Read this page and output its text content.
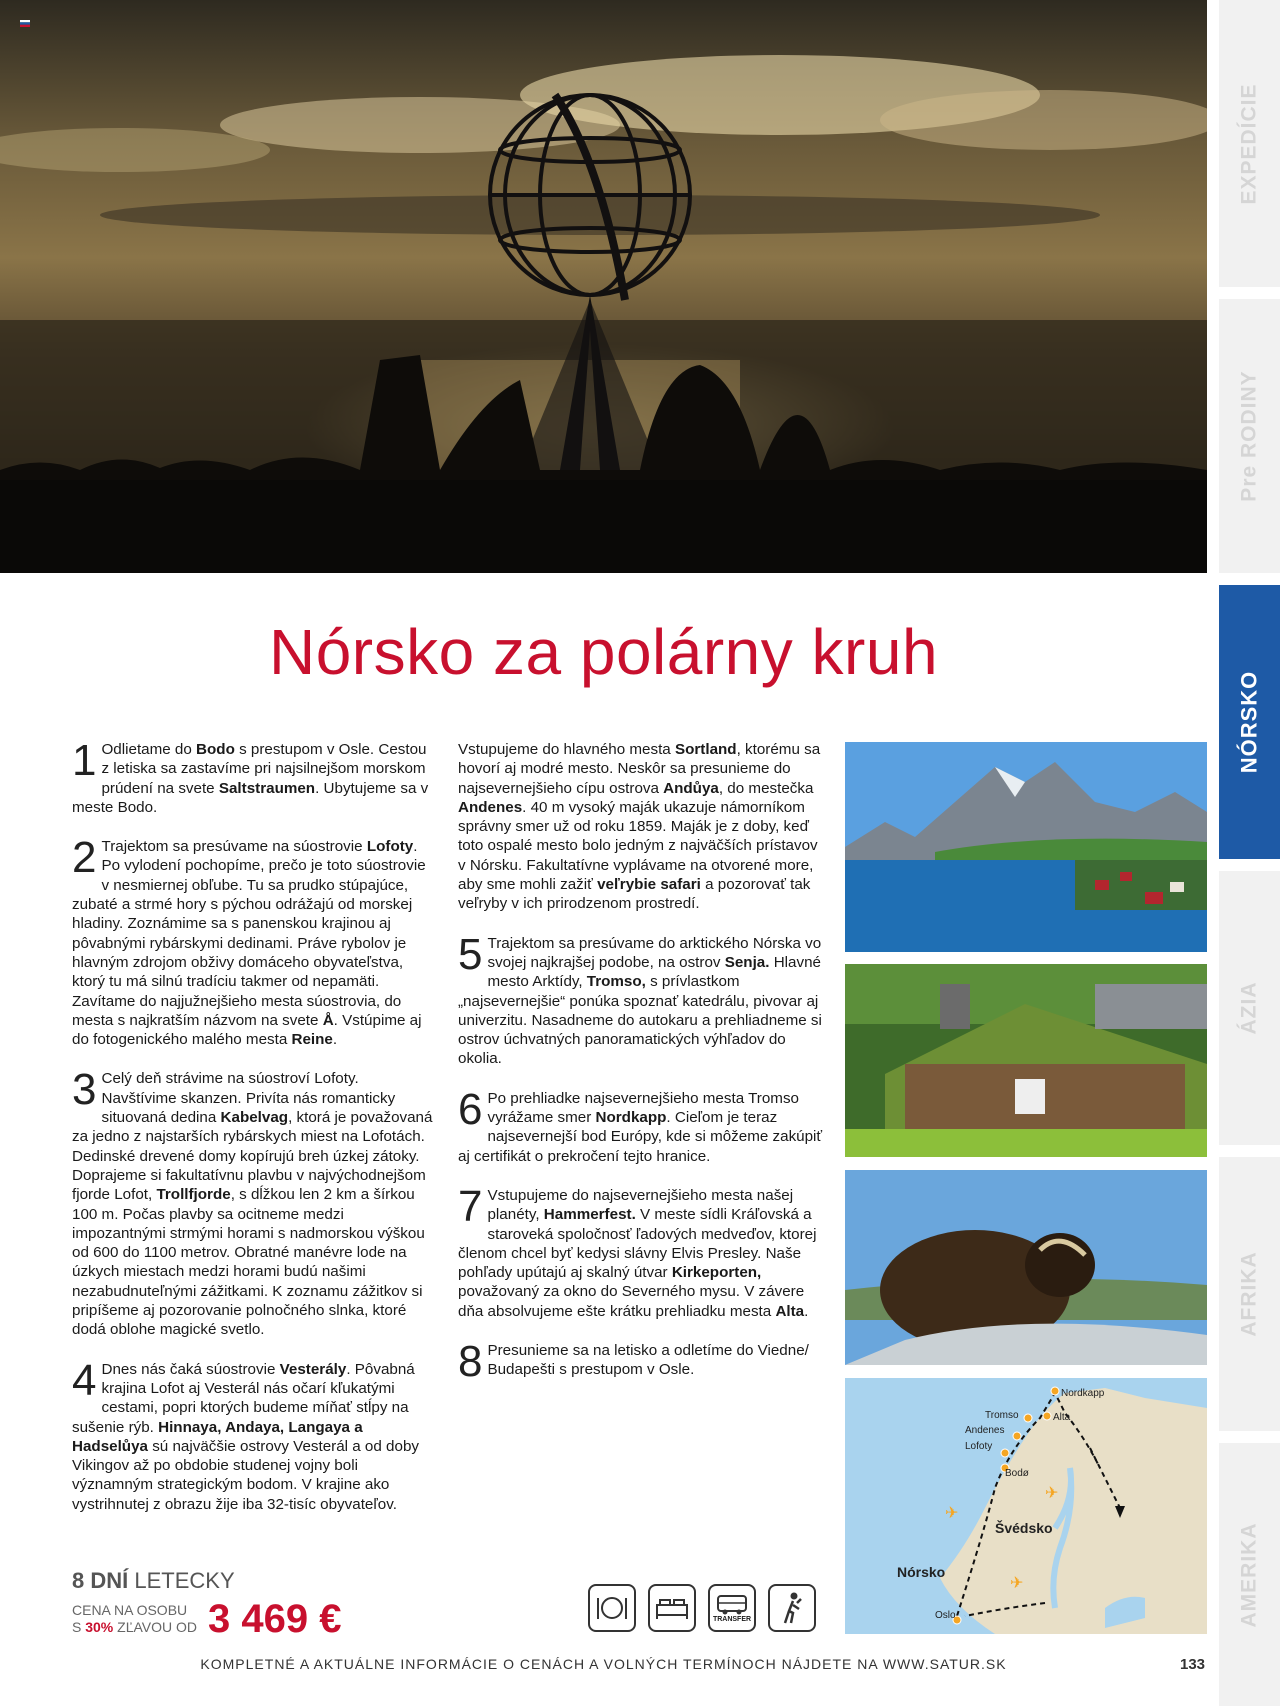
EXPEDÍCIE
Pre RODINY
NÓRSKO
ÁZIA
AFRIKA
AMERIKA
Nórsko za polárny kruh

1 Odlietame do Bodo s prestupom v Osle. Cestou z letiska sa zastavíme pri najsilnejšom morskom prúdení na svete Saltstraumen. Ubytujeme sa v meste Bodo.

2 Trajektom sa presúvame na súostrovie Lofoty. Po vylodení pochopíme, prečo je toto súostrovie v nesmiernej obľube. Tu sa prudko stúpajúce, zubaté a strmé hory s pýchou odrážajú od morskej hladiny. Zoznámime sa s panenskou krajinou aj pôvabnými rybárskymi dedinami. Práve rybolov je hlavným zdrojom obživy domáceho obyvateľstva, ktorý tu má silnú tradíciu takmer od nepamäti. Zavítame do najjužnejšieho mesta súostrovia, do mesta s najkratším názvom na svete Å. Vstúpime aj do fotogenického malého mesta Reine.

3 Celý deň strávime na súostroví Lofoty. Navštívime skanzen. Privíta nás romanticky situovaná dedina Kabelvag, ktorá je považovaná za jedno z najstarších rybárskych miest na Lofotách. Dedinské drevené domy kopírujú breh úzkej zátoky. Doprajeme si fakultatívnu plavbu v najvýchodnejšom fjorde Lofot, Trollfjorde, s dĺžkou len 2 km a šírkou 100 m. Počas plavby sa ocitneme medzi impozantnými strmými horami s nadmorskou výškou od 600 do 1100 metrov. Obratné manévre lode na úzkych miestach medzi horami budú našimi nezabudnuteľnými zážitkami. K zoznamu zážitkov si pripíšeme aj pozorovanie polnočného slnka, ktoré dodá oblohe magické svetlo.

4 Dnes nás čaká súostrovie Vesterály. Pôvabná krajina Lofot aj Vesterál nás očarí kľukatými cestami, popri ktorých budeme míňať stĺpy na sušenie rýb. Hinnaya, Andaya, Langaya a Hadselůya sú najväčšie ostrovy Vesterál a od doby Vikingov až po obdobie studenej vojny boli významným strategickým bodom. V krajine ako vystrihnutej z obrazu žije iba 32-tisíc obyvateľov.

Vstupujeme do hlavného mesta Sortland, ktorému sa hovorí aj modré mesto. Neskôr sa presunieme do najsevernejšieho cípu ostrova Andůya, do mestečka Andenes. 40 m vysoký maják ukazuje námorníkom správny smer už od roku 1859. Maják je z doby, keď toto ospalé mesto bolo jedným z najväčších prístavov v Nórsku. Fakultatívne vyplávame na otvorené more, aby sme mohli zažiť veľrybie safari a pozorovať tak veľryby v ich prirodzenom prostredí.

5 Trajektom sa presúvame do arktického Nórska vo svojej najkrajšej podobe, na ostrov Senja. Hlavné mesto Arktídy, Tromso, s prívlastkom „najsevernejšie“ ponúka spoznať katedrálu, pivovar aj univerzitu. Nasadneme do autokaru a prehliadneme si ostrov úchvatných panoramatických výhľadov do okolia.

6 Po prehliadke najsevernejšieho mesta Tromso vyrážame smer Nordkapp. Cieľom je teraz najsevernejší bod Európy, kde si môžeme zakúpiť aj certifikát o prekročení tejto hranice.

7 Vstupujeme do najsevernejšieho mesta našej planéty, Hammerfest. V meste sídli Kráľovská a staroveká spoločnosť ľadových medveďov, ktorej členom chcel byť kedysi slávny Elvis Presley. Naše pohľady upútajú aj skalný útvar Kirkeporten, považovaný za okno do Severného mysu. V závere dňa absolvujeme ešte krátku prehliadku mesta Alta.

8 Presunieme sa na letisko a odletíme do Viedne/ Budapešti s prestupom v Osle.

✈
✈
✈
Nordkapp
Tromso	Alta
Andenes
Lofoty
Bodø
Švédsko
Nórsko
Oslo
8 DNÍ LETECKY
CENA NA OSOBU
S 30% ZĽAVOU OD 3 469 €	TRANSFER
KOMPLETNÉ A AKTUÁLNE INFORMÁCIE O CENÁCH A VOLNÝCH TERMÍNOCH NÁJDETE NA WWW.SATUR.SK	133
